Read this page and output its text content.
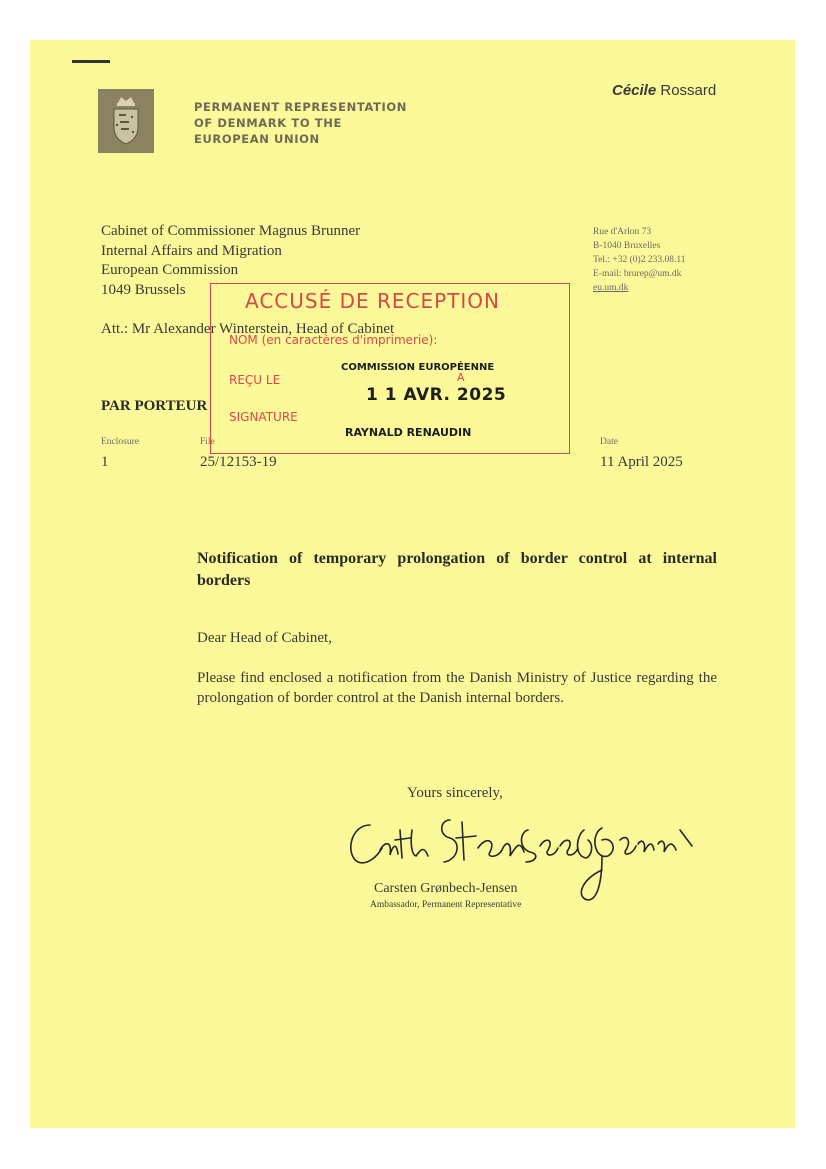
PERMANENT REPRESENTATION
OF DENMARK TO THE
EUROPEAN UNION
Cécile Rossard
Cabinet of Commissioner Magnus Brunner
Internal Affairs and Migration
European Commission
1049 Brussels
Rue d'Arlon 73
B-1040 Bruxelles
Tel.: +32 (0)2 233.08.11
E-mail: brurep@um.dk
eu.um.dk
Att.: Mr Alexander Winterstein, Head of Cabinet
PAR PORTEUR
Enclosure	File	Date
1	25/12153-19	11 April 2025
ACCUSÉ DE RECEPTION
NOM (en caractères d'imprimerie):
COMMISSION EUROPÉENNE
REÇU LE	A
1 1 AVR. 2025
SIGNATURE
RAYNALD RENAUDIN
Notification of temporary prolongation of border control at internal borders
Dear Head of Cabinet,
Please find enclosed a notification from the Danish Ministry of Justice regarding the prolongation of border control at the Danish internal borders.
Yours sincerely,
Carsten Grønbech-Jensen
Ambassador, Permanent Representative
